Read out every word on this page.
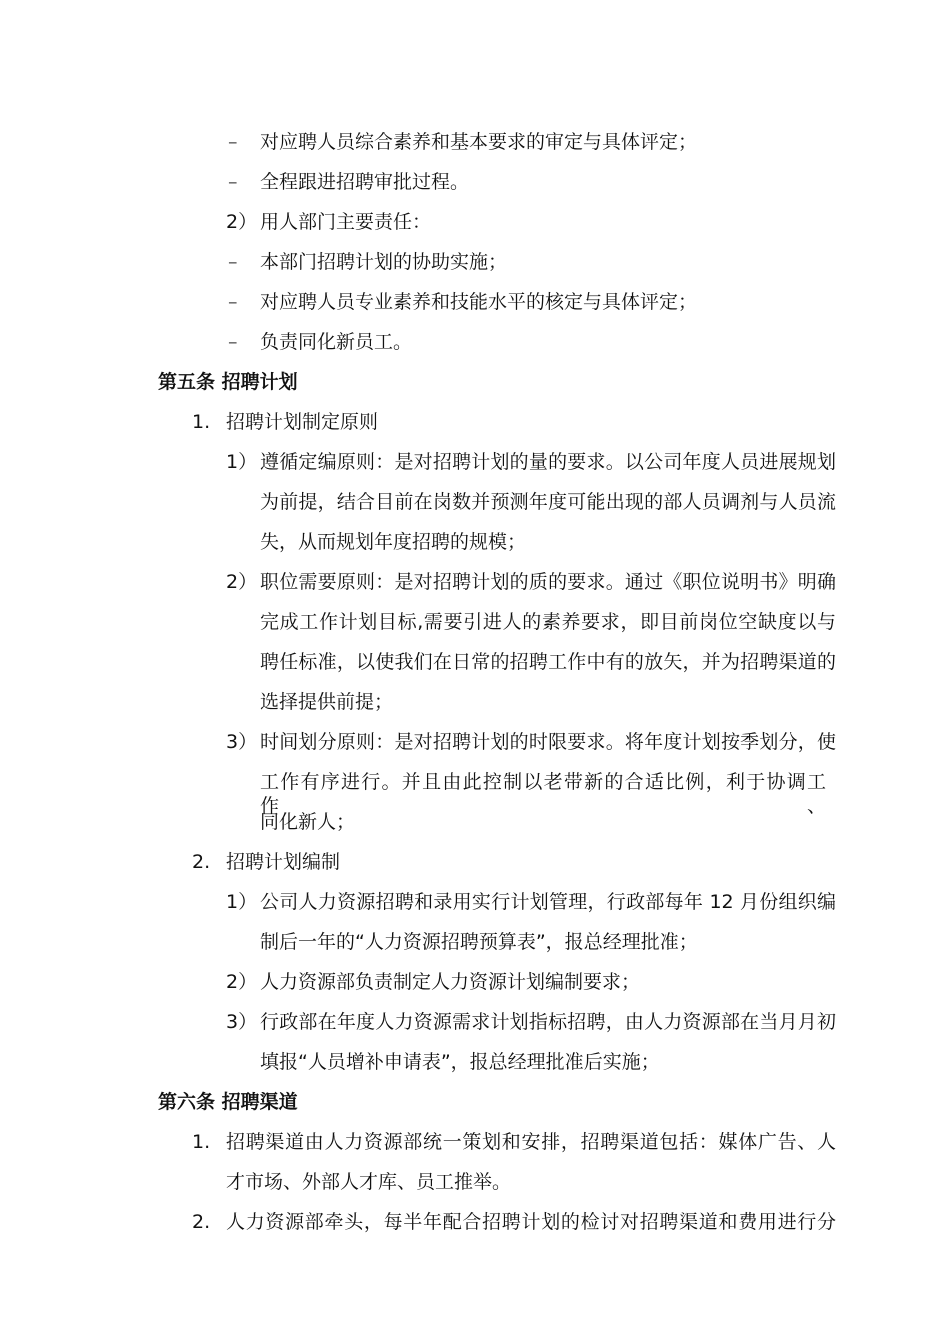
– 对应聘人员综合素养和基本要求的审定与具体评定；
– 全程跟进招聘审批过程。
2） 用人部门主要责任：
– 本部门招聘计划的协助实施；
– 对应聘人员专业素养和技能水平的核定与具体评定；
– 负责同化新员工。
第五条 招聘计划
1. 招聘计划制定原则
1） 遵循定编原则：是对招聘计划的量的要求。以公司年度人员进展规划
为前提，结合目前在岗数并预测年度可能出现的部人员调剂与人员流
失，从而规划年度招聘的规模；
2） 职位需要原则：是对招聘计划的质的要求。通过《职位说明书》明确
完成工作计划目标,需要引进人的素养要求，即目前岗位空缺度以与
聘任标准，以使我们在日常的招聘工作中有的放矢，并为招聘渠道的
选择提供前提；
3） 时间划分原则：是对招聘计划的时限要求。将年度计划按季划分，使
工作有序进行。并且由此控制以老带新的合适比例，利于协调工作、
同化新人；
2. 招聘计划编制
1） 公司人力资源招聘和录用实行计划管理，行政部每年 12 月份组织编
制后一年的“人力资源招聘预算表”，报总经理批准；
2） 人力资源部负责制定人力资源计划编制要求；
3） 行政部在年度人力资源需求计划指标招聘，由人力资源部在当月月初
填报“人员增补申请表”，报总经理批准后实施；
第六条 招聘渠道
1. 招聘渠道由人力资源部统一策划和安排，招聘渠道包括：媒体广告、人
才市场、外部人才库、员工推举。
2. 人力资源部牵头，每半年配合招聘计划的检讨对招聘渠道和费用进行分
